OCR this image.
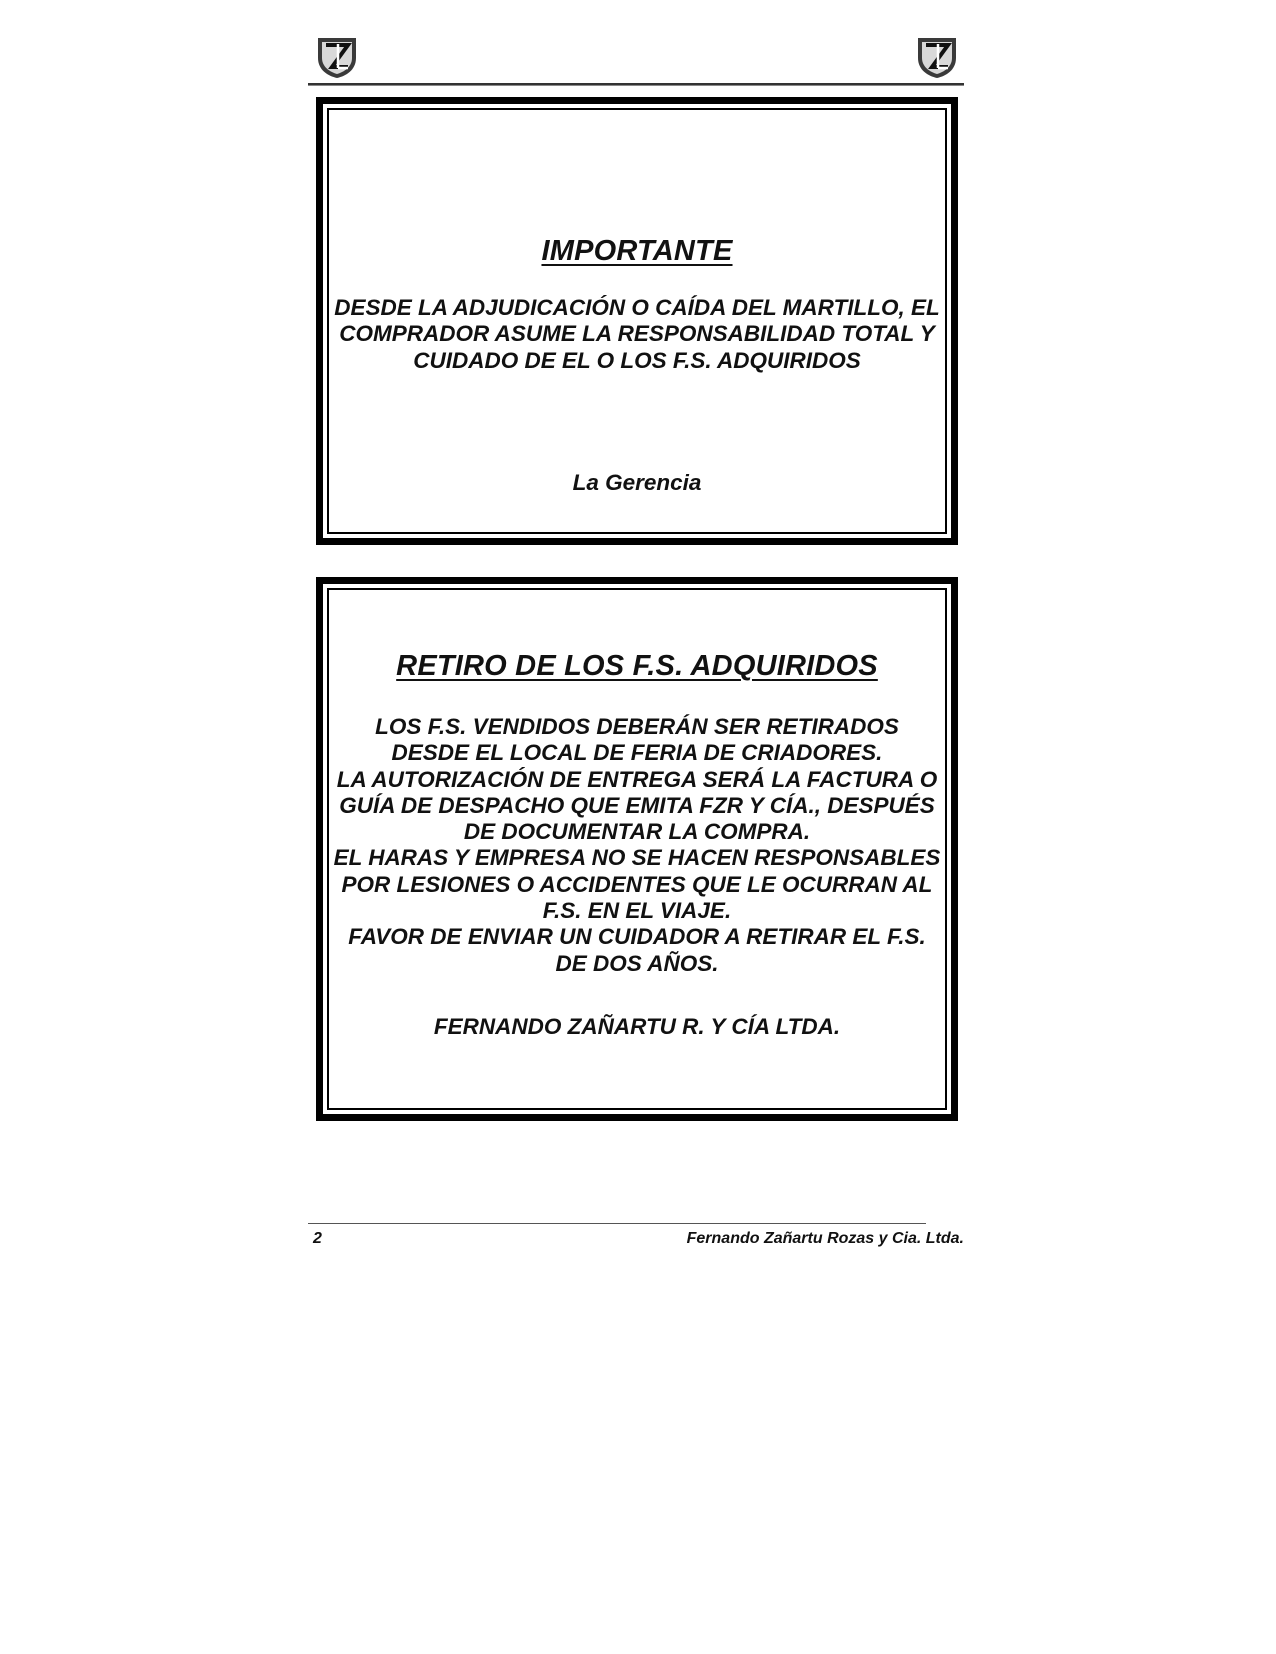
IMPORTANTE

DESDE LA ADJUDICACIÓN O CAÍDA DEL MARTILLO, EL

COMPRADOR ASUME LA RESPONSABILIDAD TOTAL Y

CUIDADO DE EL O LOS F.S. ADQUIRIDOS

La Gerencia

RETIRO DE LOS F.S. ADQUIRIDOS

LOS F.S. VENDIDOS DEBERÁN SER RETIRADOS

DESDE EL LOCAL DE FERIA DE CRIADORES.

LA AUTORIZACIÓN DE ENTREGA SERÁ LA FACTURA O

GUÍA DE DESPACHO QUE EMITA FZR Y CÍA., DESPUÉS

DE DOCUMENTAR LA COMPRA.

EL HARAS Y EMPRESA NO SE HACEN RESPONSABLES

POR LESIONES O ACCIDENTES QUE LE OCURRAN AL

F.S. EN EL VIAJE.

FAVOR DE ENVIAR UN CUIDADOR A RETIRAR EL F.S.

DE DOS AÑOS.

FERNANDO ZAÑARTU R. Y CÍA LTDA.

2	Fernando Zañartu Rozas y Cia. Ltda.
